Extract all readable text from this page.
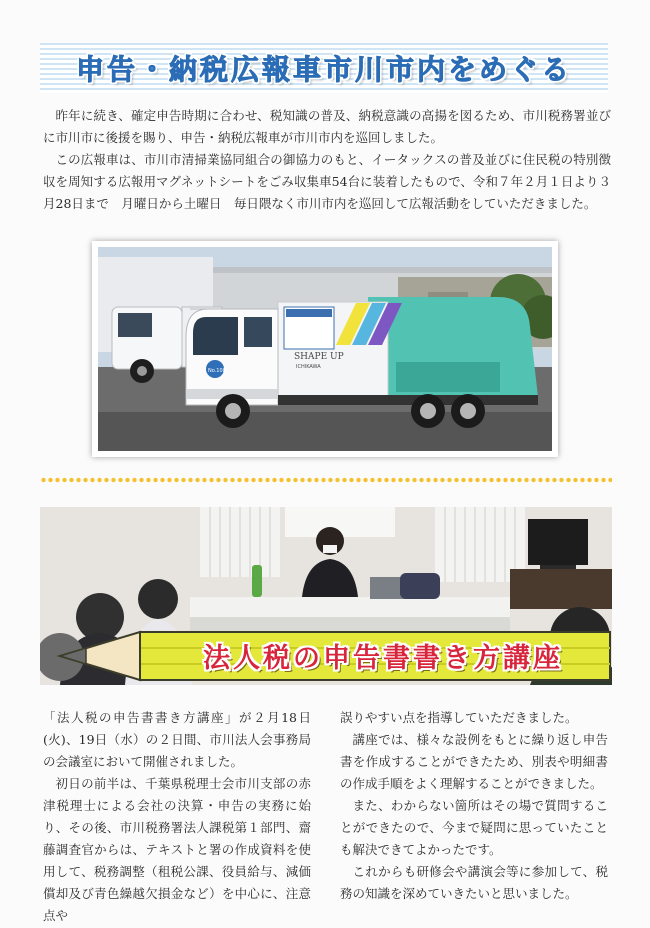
申告・納税広報車市川市内をめぐる

昨年に続き、確定申告時期に合わせ、税知識の普及、納税意識の高揚を図るため、市川税務署並びに市川市に後援を賜り、申告・納税広報車が市川市内を巡回しました。

この広報車は、市川市清掃業協同組合の御協力のもと、イータックスの普及並びに住民税の特別徴収を周知する広報用マグネットシートをごみ収集車54台に装着したもので、令和７年２月１日より３月28日まで　月曜日から土曜日　毎日隈なく市川市内を巡回して広報活動をしていただきました。

SHAPE UP
ICHIKAWA
No.108
法人税の申告書書き方講座

「法人税の申告書書き方講座」が２月18日(火)、19日（水）の２日間、市川法人会事務局の会議室において開催されました。

初日の前半は、千葉県税理士会市川支部の赤津税理士による会社の決算・申告の実務に始り、その後、市川税務署法人課税第１部門、齋藤調査官からは、テキストと署の作成資料を使用して、税務調整（租税公課、役員給与、減価償却及び青色繰越欠損金など）を中心に、注意点や

誤りやすい点を指導していただきました。

講座では、様々な設例をもとに繰り返し申告書を作成することができたため、別表や明細書の作成手順をよく理解することができました。

また、わからない箇所はその場で質問することができたので、今まで疑問に思っていたことも解決できてよかったです。

これからも研修会や講演会等に参加して、税務の知識を深めていきたいと思いました。
